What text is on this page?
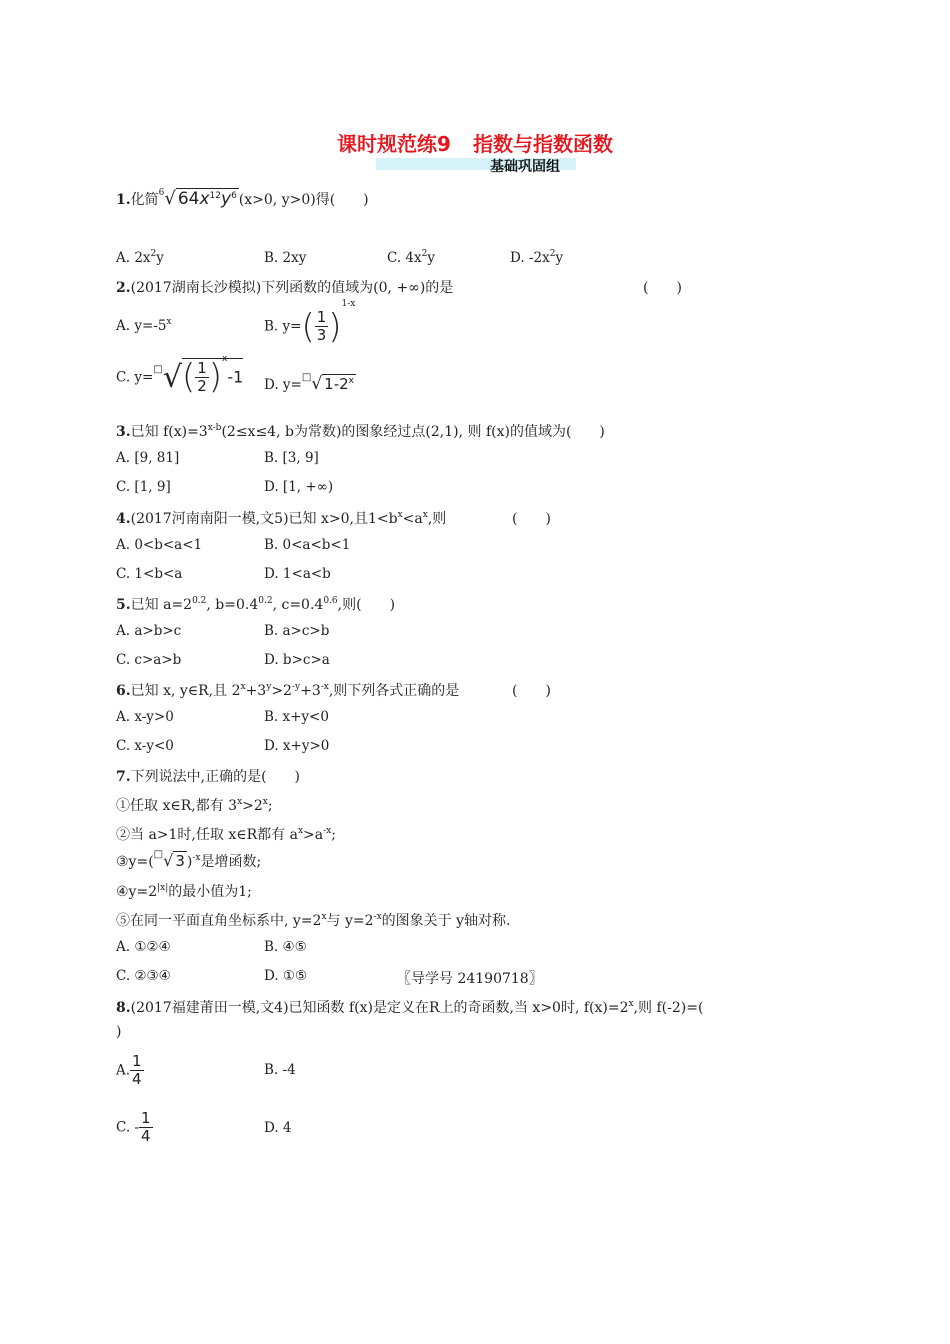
课时规范练9 指数与指数函数
基础巩固组
1.化简$^6$√ $64x^{12}y^6$ (x>0, y>0)得(　　)
A. $2x^2y$	B. 2xy	C. $4x^2y$	D. $-2x^2y$
2.(2017湖南长沙模拟)下列函数的值域为(0, +∞)的是	(　　)
A. $y=-5^x$	B. $y=( \frac{1}{3} )^{1-x}$
C. $y=^□√( \frac{1}{2} )^x-1$ D. y=□√ 1-2$^x$
3.已知 $f(x)=3^{x-b}(2\le x\le 4$, b为常数)的图象经过点(2,1), 则 f(x)的值域为(　　)
A. [9, 81]	B. [3, 9]
C. [1, 9]	D. [1, +∞)
4.(2017河南南阳一模,文5)已知 x>0,且$1<b^x<a^x$,则	(　　)
A. 0<b<a<1	B. 0<a<b<1
C. 1<b<a	D. 1<a<b
5.已知 $a=2^{0.2}$, $b=0.4^{0.2}$, $c=0.4^{0.6}$,则(　　)
A. a>b>c	B. a>c>b
C. c>a>b	D. b>c>a
6.已知 x, y∈R,且 $2^x+3^y>2^{-y}+3^{-x}$,则下列各式正确的是	(　　)
A. x-y>0	B. x+y<0
C. x-y<0	D. x+y>0
7.下列说法中,正确的是(　　)
①任取 x∈R,都有 $3^x>2^x$;
②当 a>1时,任取 x∈R都有 $a^x>a^{-x}$;
③y=(□√ 3 )$^{-x}$是增函数;
$④y=2^{|x|}$的最小值为1;
⑤在同一平面直角坐标系中, $y=2^x$与 $y=2^{-x}$的图象关于 y轴对称.
A. ①②④	B. ④⑤
C. ②③④	D. ①⑤	〖导学号 24190718〗
8.(2017福建莆田一模,文4)已知函数 f(x)是定义在R上的奇函数,当 x>0时, $f(x)=2^x$,则 f(-2)=(
)
A. $\frac{1}{4}$	B. -4
C. - $\frac{1}{4}$	D. 4
